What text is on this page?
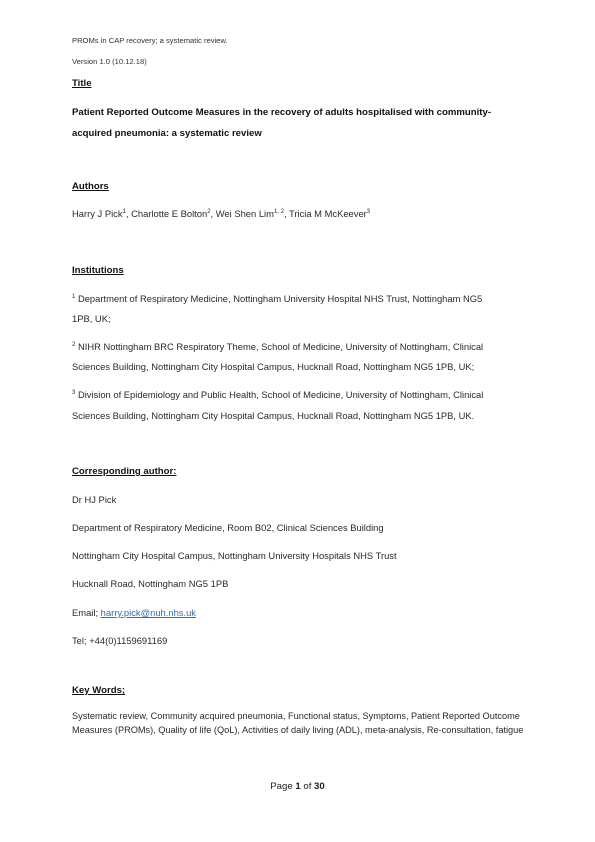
PROMs in CAP recovery; a systematic review.
Version 1.0 (10.12.18)
Title
Patient Reported Outcome Measures in the recovery of adults hospitalised with community-acquired pneumonia: a systematic review
Authors
Harry J Pick$^1$, Charlotte E Bolton$^2$, Wei Shen Lim$^{1, 2}$, Tricia M McKeever$^3$
Institutions
$^1$ Department of Respiratory Medicine, Nottingham University Hospital NHS Trust, Nottingham NG5
1PB, UK;
$^2$ NIHR Nottingham BRC Respiratory Theme, School of Medicine, University of Nottingham, Clinical
Sciences Building, Nottingham City Hospital Campus, Hucknall Road, Nottingham NG5 1PB, UK;
$^3$ Division of Epidemiology and Public Health, School of Medicine, University of Nottingham, Clinical
Sciences Building, Nottingham City Hospital Campus, Hucknall Road, Nottingham NG5 1PB, UK.
Corresponding author:
Dr HJ Pick
Department of Respiratory Medicine, Room B02, Clinical Sciences Building
Nottingham City Hospital Campus, Nottingham University Hospitals NHS Trust
Hucknall Road, Nottingham NG5 1PB
Email; harry.pick@nuh.nhs.uk
Tel; +44(0)1159691169
Key Words;
Systematic review, Community acquired pneumonia, Functional status, Symptoms, Patient Reported Outcome Measures (PROMs), Quality of life (QoL), Activities of daily living (ADL), meta-analysis, Re-consultation, fatigue
Page 1 of 30
